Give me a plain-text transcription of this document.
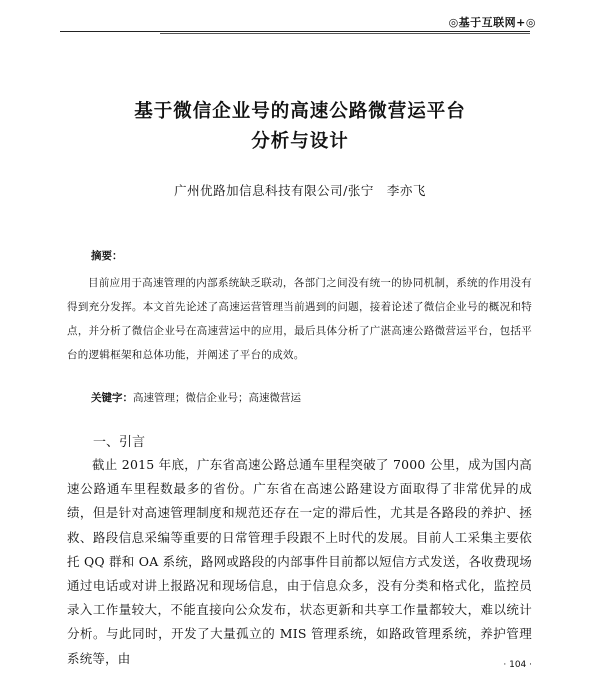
◎基于互联网+◎
基于微信企业号的高速公路微营运平台
分析与设计
广州优路加信息科技有限公司/张宁　李亦飞
摘要：

目前应用于高速管理的内部系统缺乏联动，各部门之间没有统一的协同机制，系统的作用没有得到充分发挥。本文首先论述了高速运营管理当前遇到的问题，接着论述了微信企业号的概况和特点，并分析了微信企业号在高速营运中的应用，最后具体分析了广湛高速公路微营运平台，包括平台的逻辑框架和总体功能，并阐述了平台的成效。

关键字：高速管理；微信企业号；高速微营运
一、引言

截止 2015 年底，广东省高速公路总通车里程突破了 7000 公里，成为国内高速公路通车里程数最多的省份。广东省在高速公路建设方面取得了非常优异的成绩，但是针对高速管理制度和规范还存在一定的滞后性，尤其是各路段的养护、拯救、路段信息采编等重要的日常管理手段跟不上时代的发展。目前人工采集主要依托 QQ 群和 OA 系统，路网或路段的内部事件目前都以短信方式发送，各收费现场通过电话或对讲上报路况和现场信息，由于信息众多，没有分类和格式化，监控员录入工作量较大，不能直接向公众发布，状态更新和共享工作量都较大，难以统计分析。与此同时，开发了大量孤立的 MIS 管理系统，如路政管理系统，养护管理系统等，由	· 104 ·
